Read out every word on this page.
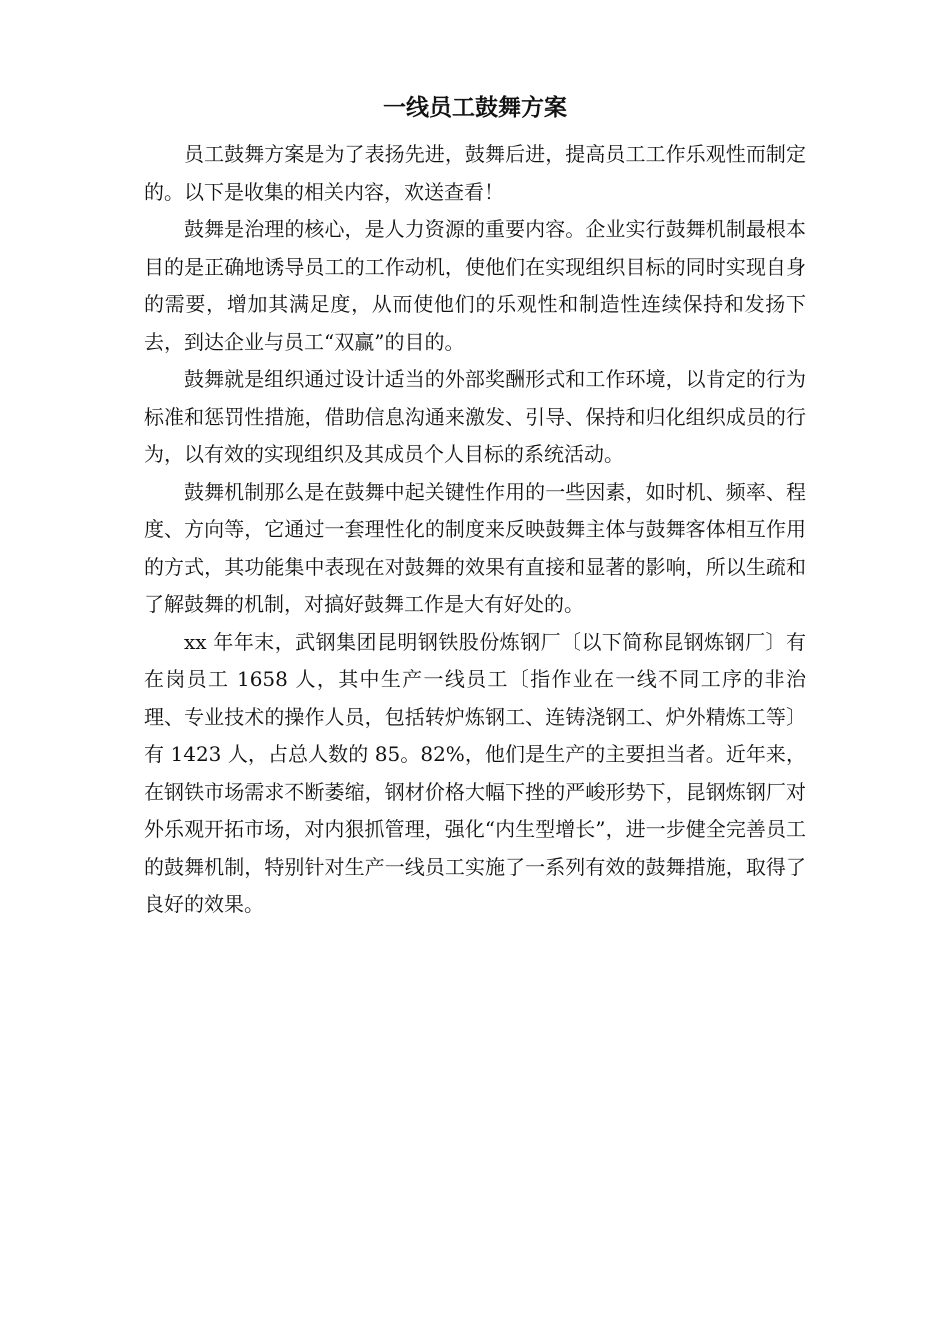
一线员工鼓舞方案

员工鼓舞方案是为了表扬先进，鼓舞后进，提高员工工作乐观性而制定的。以下是收集的相关内容，欢送查看！

鼓舞是治理的核心，是人力资源的重要内容。企业实行鼓舞机制最根本目的是正确地诱导员工的工作动机，使他们在实现组织目标的同时实现自身的需要，增加其满足度，从而使他们的乐观性和制造性连续保持和发扬下去，到达企业与员工“双赢”的目的。

鼓舞就是组织通过设计适当的外部奖酬形式和工作环境，以肯定的行为标准和惩罚性措施，借助信息沟通来激发、引导、保持和归化组织成员的行为，以有效的实现组织及其成员个人目标的系统活动。

鼓舞机制那么是在鼓舞中起关键性作用的一些因素，如时机、频率、程度、方向等，它通过一套理性化的制度来反映鼓舞主体与鼓舞客体相互作用的方式，其功能集中表现在对鼓舞的效果有直接和显著的影响，所以生疏和了解鼓舞的机制，对搞好鼓舞工作是大有好处的。

xx 年年末，武钢集团昆明钢铁股份炼钢厂〔以下简称昆钢炼钢厂〕有在岗员工 1658 人，其中生产一线员工〔指作业在一线不同工序的非治理、专业技术的操作人员，包括转炉炼钢工、连铸浇钢工、炉外精炼工等〕有 1423 人，占总人数的 85。82%，他们是生产的主要担当者。近年来，在钢铁市场需求不断萎缩，钢材价格大幅下挫的严峻形势下，昆钢炼钢厂对外乐观开拓市场，对内狠抓管理，强化“内生型增长”，进一步健全完善员工的鼓舞机制，特别针对生产一线员工实施了一系列有效的鼓舞措施，取得了良好的效果。
